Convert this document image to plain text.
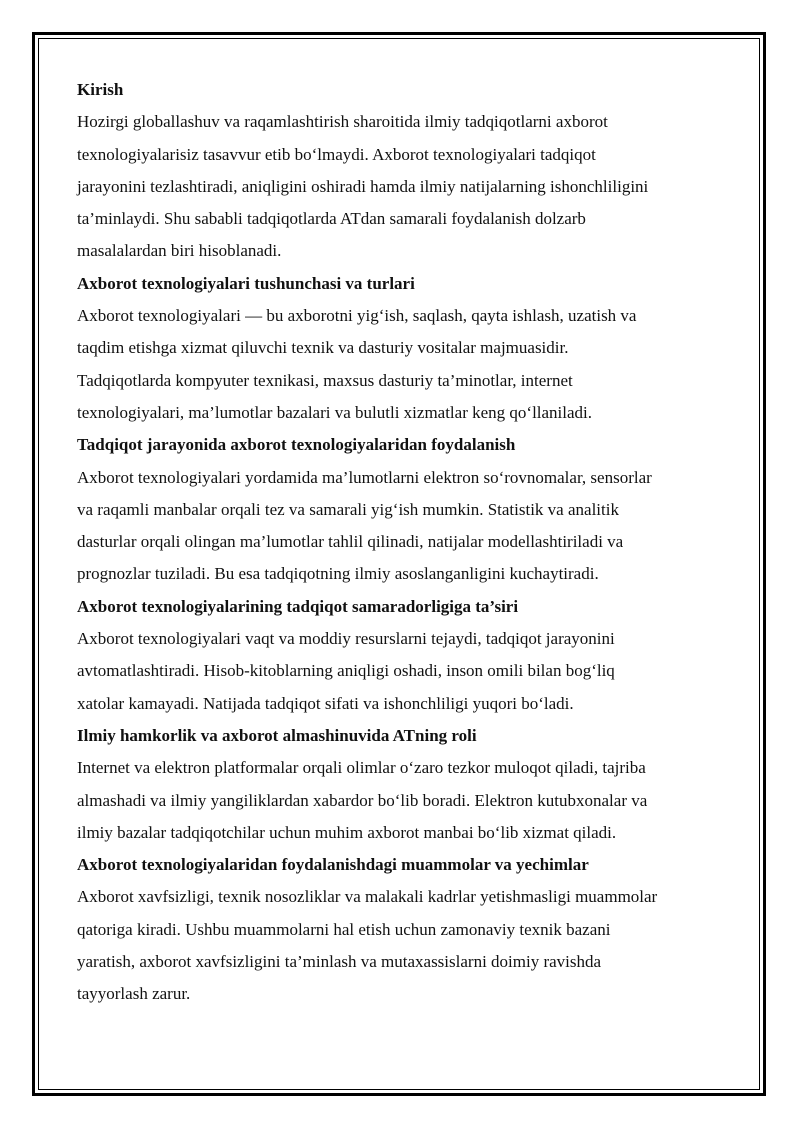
Kirish

Hozirgi globallashuv va raqamlashtirish sharoitida ilmiy tadqiqotlarni axborot
texnologiyalarisiz tasavvur etib bo‘lmaydi. Axborot texnologiyalari tadqiqot
jarayonini tezlashtiradi, aniqligini oshiradi hamda ilmiy natijalarning ishonchliligini
ta’minlaydi. Shu sababli tadqiqotlarda ATdan samarali foydalanish dolzarb
masalalardan biri hisoblanadi.

Axborot texnologiyalari tushunchasi va turlari

Axborot texnologiyalari — bu axborotni yig‘ish, saqlash, qayta ishlash, uzatish va
taqdim etishga xizmat qiluvchi texnik va dasturiy vositalar majmuasidir.
Tadqiqotlarda kompyuter texnikasi, maxsus dasturiy ta’minotlar, internet
texnologiyalari, ma’lumotlar bazalari va bulutli xizmatlar keng qo‘llaniladi.

Tadqiqot jarayonida axborot texnologiyalaridan foydalanish

Axborot texnologiyalari yordamida ma’lumotlarni elektron so‘rovnomalar, sensorlar
va raqamli manbalar orqali tez va samarali yig‘ish mumkin. Statistik va analitik
dasturlar orqali olingan ma’lumotlar tahlil qilinadi, natijalar modellashtiriladi va
prognozlar tuziladi. Bu esa tadqiqotning ilmiy asoslanganligini kuchaytiradi.

Axborot texnologiyalarining tadqiqot samaradorligiga ta’siri

Axborot texnologiyalari vaqt va moddiy resurslarni tejaydi, tadqiqot jarayonini
avtomatlashtiradi. Hisob-kitoblarning aniqligi oshadi, inson omili bilan bog‘liq
xatolar kamayadi. Natijada tadqiqot sifati va ishonchliligi yuqori bo‘ladi.

Ilmiy hamkorlik va axborot almashinuvida ATning roli

Internet va elektron platformalar orqali olimlar o‘zaro tezkor muloqot qiladi, tajriba
almashadi va ilmiy yangiliklardan xabardor bo‘lib boradi. Elektron kutubxonalar va
ilmiy bazalar tadqiqotchilar uchun muhim axborot manbai bo‘lib xizmat qiladi.

Axborot texnologiyalaridan foydalanishdagi muammolar va yechimlar

Axborot xavfsizligi, texnik nosozliklar va malakali kadrlar yetishmasligi muammolar
qatoriga kiradi. Ushbu muammolarni hal etish uchun zamonaviy texnik bazani
yaratish, axborot xavfsizligini ta’minlash va mutaxassislarni doimiy ravishda
tayyorlash zarur.
